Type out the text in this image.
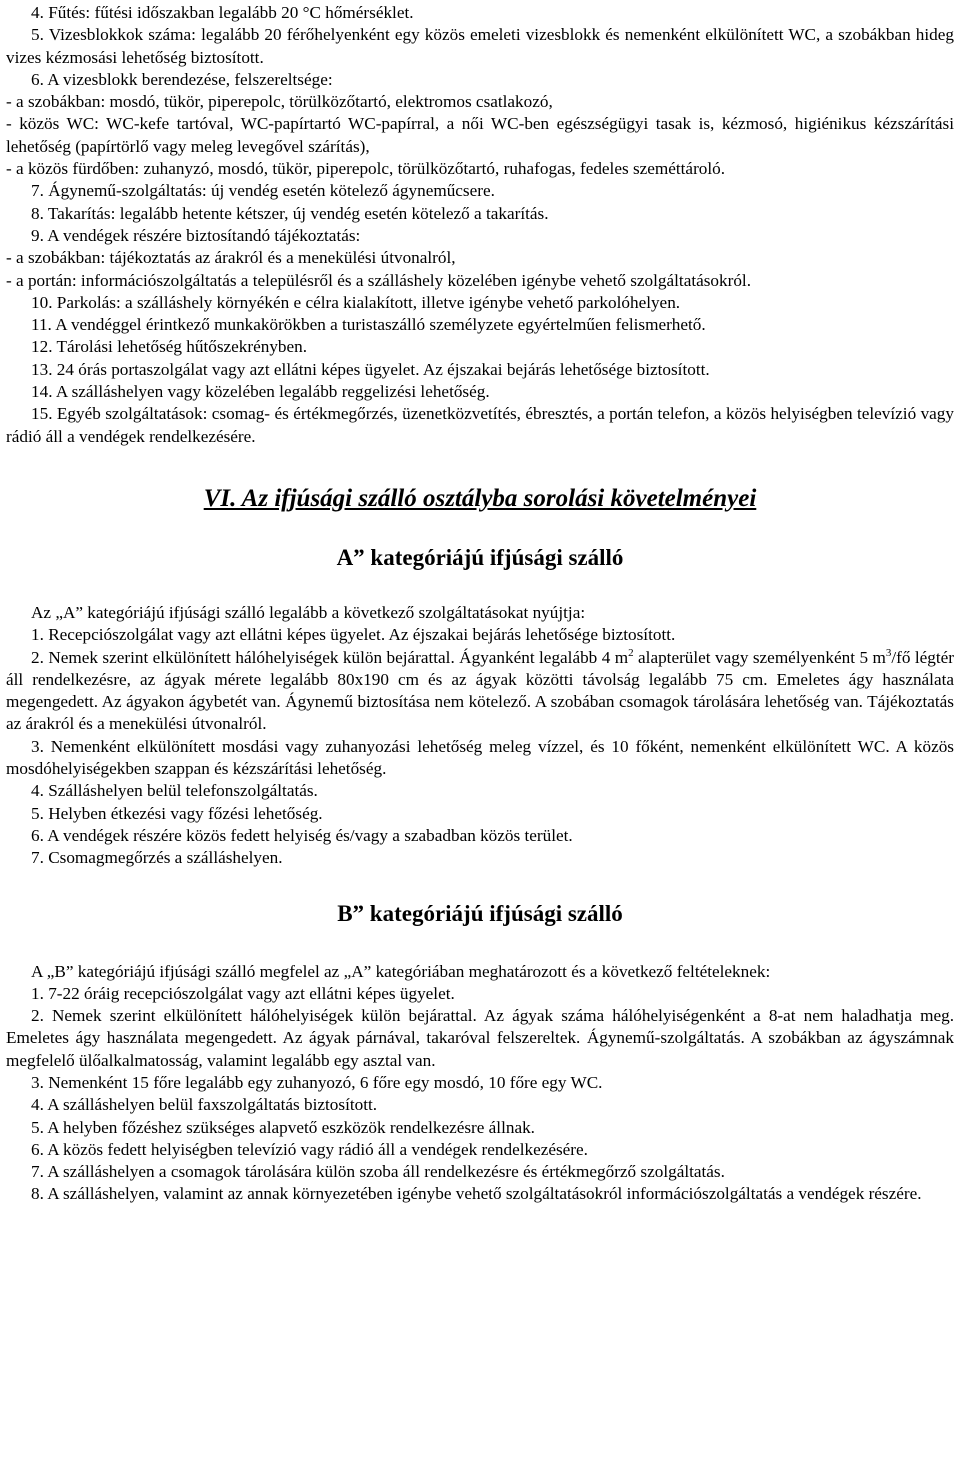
4. Fűtés: fűtési időszakban legalább 20 °C hőmérséklet.

5. Vizesblokkok száma: legalább 20 férőhelyenként egy közös emeleti vizesblokk és nemenként elkülönített WC, a szobákban hideg vizes kézmosási lehetőség biztosított.

6. A vizesblokk berendezése, felszereltsége:

- a szobákban: mosdó, tükör, piperepolc, törülközőtartó, elektromos csatlakozó,

- közös WC: WC-kefe tartóval, WC-papírtartó WC-papírral, a női WC-ben egészségügyi tasak is, kézmosó, higiénikus kézszárítási lehetőség (papírtörlő vagy meleg levegővel szárítás),

- a közös fürdőben: zuhanyzó, mosdó, tükör, piperepolc, törülközőtartó, ruhafogas, fedeles szeméttároló.

7. Ágynemű-szolgáltatás: új vendég esetén kötelező ágyneműcsere.

8. Takarítás: legalább hetente kétszer, új vendég esetén kötelező a takarítás.

9. A vendégek részére biztosítandó tájékoztatás:

- a szobákban: tájékoztatás az árakról és a menekülési útvonalról,

- a portán: információszolgáltatás a településről és a szálláshely közelében igénybe vehető szolgáltatásokról.

10. Parkolás: a szálláshely környékén e célra kialakított, illetve igénybe vehető parkolóhelyen.

11. A vendéggel érintkező munkakörökben a turistaszálló személyzete egyértelműen felismerhető.

12. Tárolási lehetőség hűtőszekrényben.

13. 24 órás portaszolgálat vagy azt ellátni képes ügyelet. Az éjszakai bejárás lehetősége biztosított.

14. A szálláshelyen vagy közelében legalább reggelizési lehetőség.

15. Egyéb szolgáltatások: csomag- és értékmegőrzés, üzenetközvetítés, ébresztés, a portán telefon, a közös helyiségben televízió vagy rádió áll a vendégek rendelkezésére.

VI. Az ifjúsági szálló osztályba sorolási követelményei
A” kategóriájú ifjúsági szálló

Az „A” kategóriájú ifjúsági szálló legalább a következő szolgáltatásokat nyújtja:

1. Recepciószolgálat vagy azt ellátni képes ügyelet. Az éjszakai bejárás lehetősége biztosított.

2. Nemek szerint elkülönített hálóhelyiségek külön bejárattal. Ágyanként legalább 4 $m^2$ alapterület vagy személyenként 5 $m^3/fő$ légtér áll rendelkezésre, az ágyak mérete legalább 80x190 cm és az ágyak közötti távolság legalább 75 cm. Emeletes ágy használata megengedett. Az ágyakon ágybetét van. Ágynemű biztosítása nem kötelező. A szobában csomagok tárolására lehetőség van. Tájékoztatás az árakról és a menekülési útvonalról.

3. Nemenként elkülönített mosdási vagy zuhanyozási lehetőség meleg vízzel, és 10 főként, nemenként elkülönített WC. A közös mosdóhelyiségekben szappan és kézszárítási lehetőség.

4. Szálláshelyen belül telefonszolgáltatás.

5. Helyben étkezési vagy főzési lehetőség.

6. A vendégek részére közös fedett helyiség és/vagy a szabadban közös terület.

7. Csomagmegőrzés a szálláshelyen.

B” kategóriájú ifjúsági szálló

A „B” kategóriájú ifjúsági szálló megfelel az „A” kategóriában meghatározott és a következő feltételeknek:

1. 7-22 óráig recepciószolgálat vagy azt ellátni képes ügyelet.

2. Nemek szerint elkülönített hálóhelyiségek külön bejárattal. Az ágyak száma hálóhelyiségenként a 8-at nem haladhatja meg. Emeletes ágy használata megengedett. Az ágyak párnával, takaróval felszereltek. Ágynemű-szolgáltatás. A szobákban az ágyszámnak megfelelő ülőalkalmatosság, valamint legalább egy asztal van.

3. Nemenként 15 főre legalább egy zuhanyozó, 6 főre egy mosdó, 10 főre egy WC.

4. A szálláshelyen belül faxszolgáltatás biztosított.

5. A helyben főzéshez szükséges alapvető eszközök rendelkezésre állnak.

6. A közös fedett helyiségben televízió vagy rádió áll a vendégek rendelkezésére.

7. A szálláshelyen a csomagok tárolására külön szoba áll rendelkezésre és értékmegőrző szolgáltatás.

8. A szálláshelyen, valamint az annak környezetében igénybe vehető szolgáltatásokról információszolgáltatás a vendégek részére.
